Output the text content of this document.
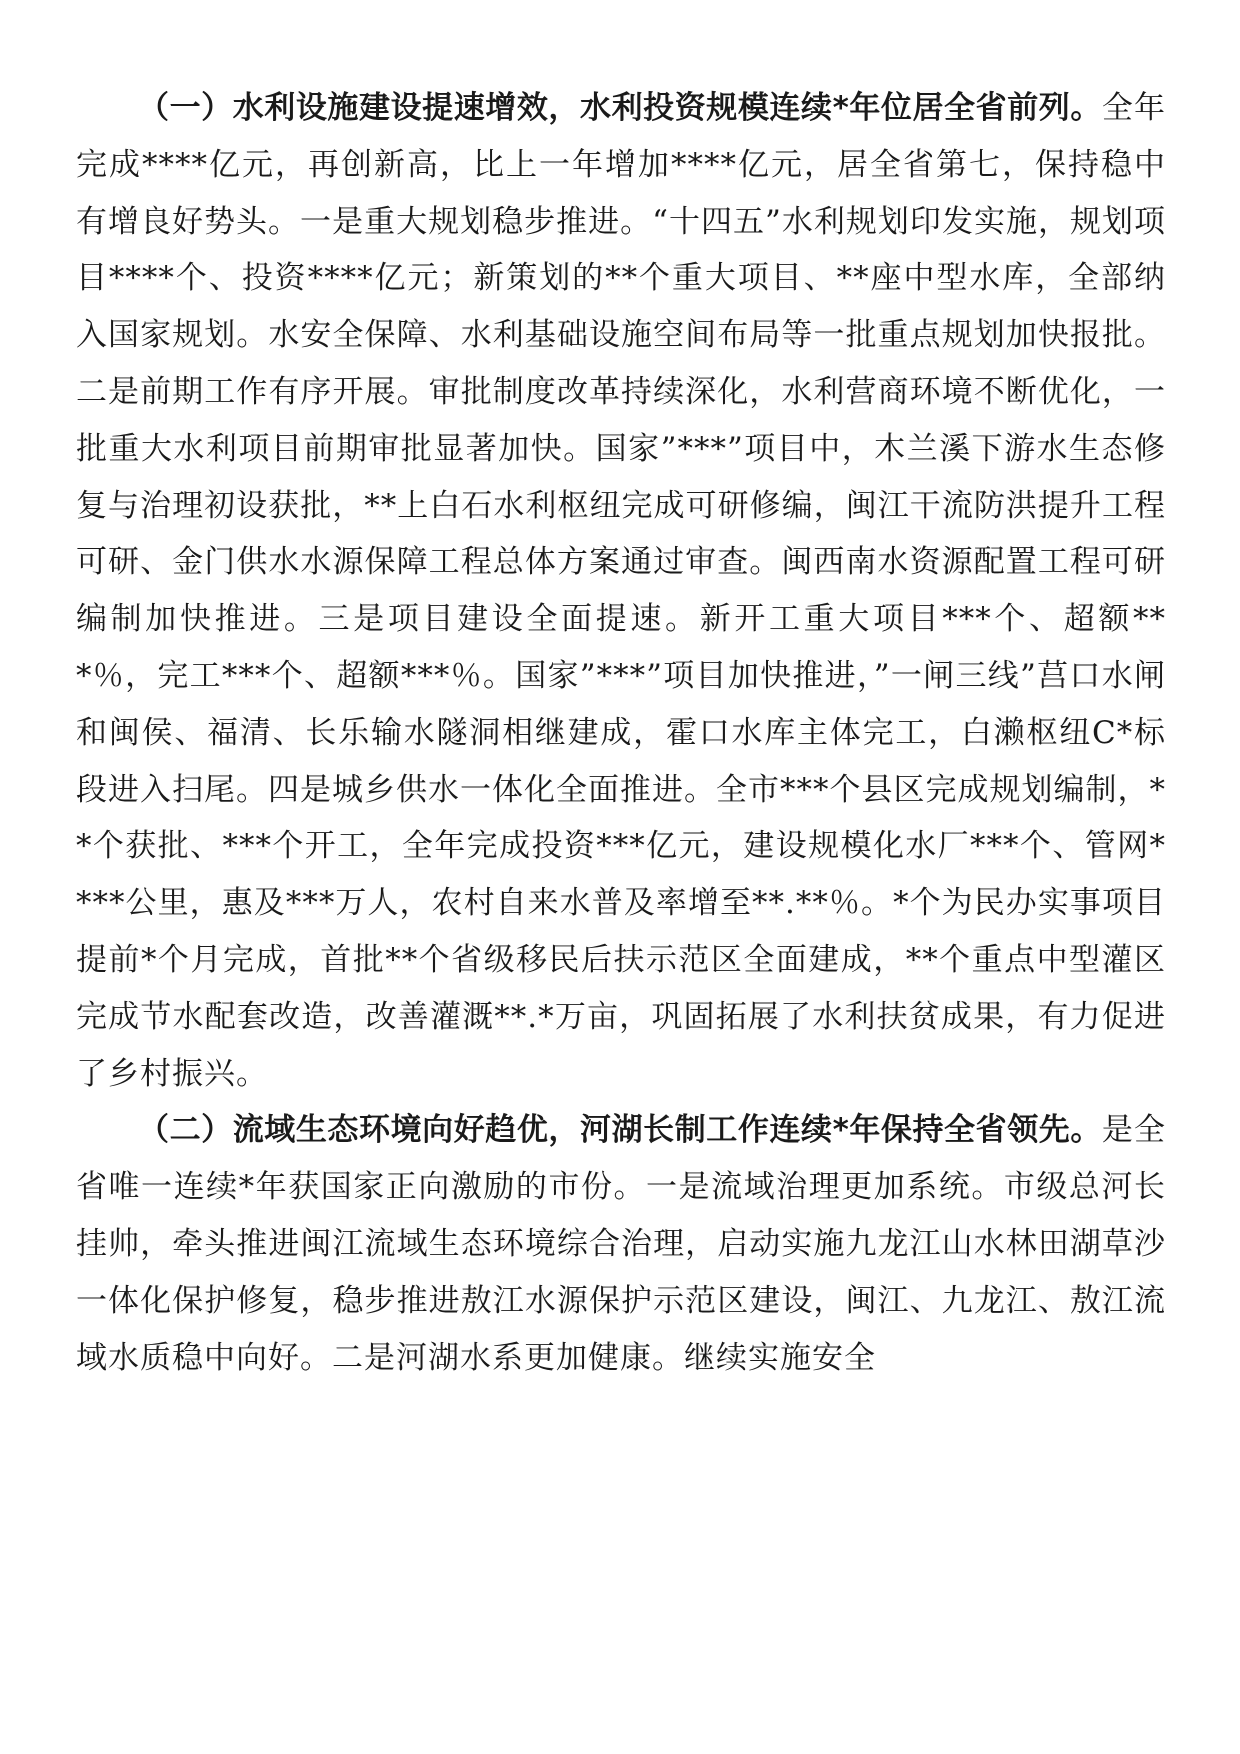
（一）水利设施建设提速增效，水利投资规模连续*年位居全省前列。全年完成****亿元，再创新高，比上一年增加****亿元，居全省第七，保持稳中有增良好势头。一是重大规划稳步推进。“十四五”水利规划印发实施，规划项目****个、投资****亿元；新策划的**个重大项目、**座中型水库，全部纳入国家规划。水安全保障、水利基础设施空间布局等一批重点规划加快报批。二是前期工作有序开展。审批制度改革持续深化，水利营商环境不断优化，一批重大水利项目前期审批显著加快。国家”***”项目中，木兰溪下游水生态修复与治理初设获批，**上白石水利枢纽完成可研修编，闽江干流防洪提升工程可研、金门供水水源保障工程总体方案通过审查。闽西南水资源配置工程可研编制加快推进。三是项目建设全面提速。新开工重大项目***个、超额***％，完工***个、超额***％。国家”***”项目加快推进，”一闸三线”莒口水闸和闽侯、福清、长乐输水隧洞相继建成，霍口水库主体完工，白濑枢纽C*标段进入扫尾。四是城乡供水一体化全面推进。全市***个县区完成规划编制，**个获批、***个开工，全年完成投资***亿元，建设规模化水厂***个、管网****公里，惠及***万人，农村自来水普及率增至**.**％。*个为民办实事项目提前*个月完成，首批**个省级移民后扶示范区全面建成，**个重点中型灌区完成节水配套改造，改善灌溉**.*万亩，巩固拓展了水利扶贫成果，有力促进了乡村振兴。

（二）流域生态环境向好趋优，河湖长制工作连续*年保持全省领先。是全省唯一连续*年获国家正向激励的市份。一是流域治理更加系统。市级总河长挂帅，牵头推进闽江流域生态环境综合治理，启动实施九龙江山水林田湖草沙一体化保护修复，稳步推进敖江水源保护示范区建设，闽江、九龙江、敖江流域水质稳中向好。二是河湖水系更加健康。继续实施安全
